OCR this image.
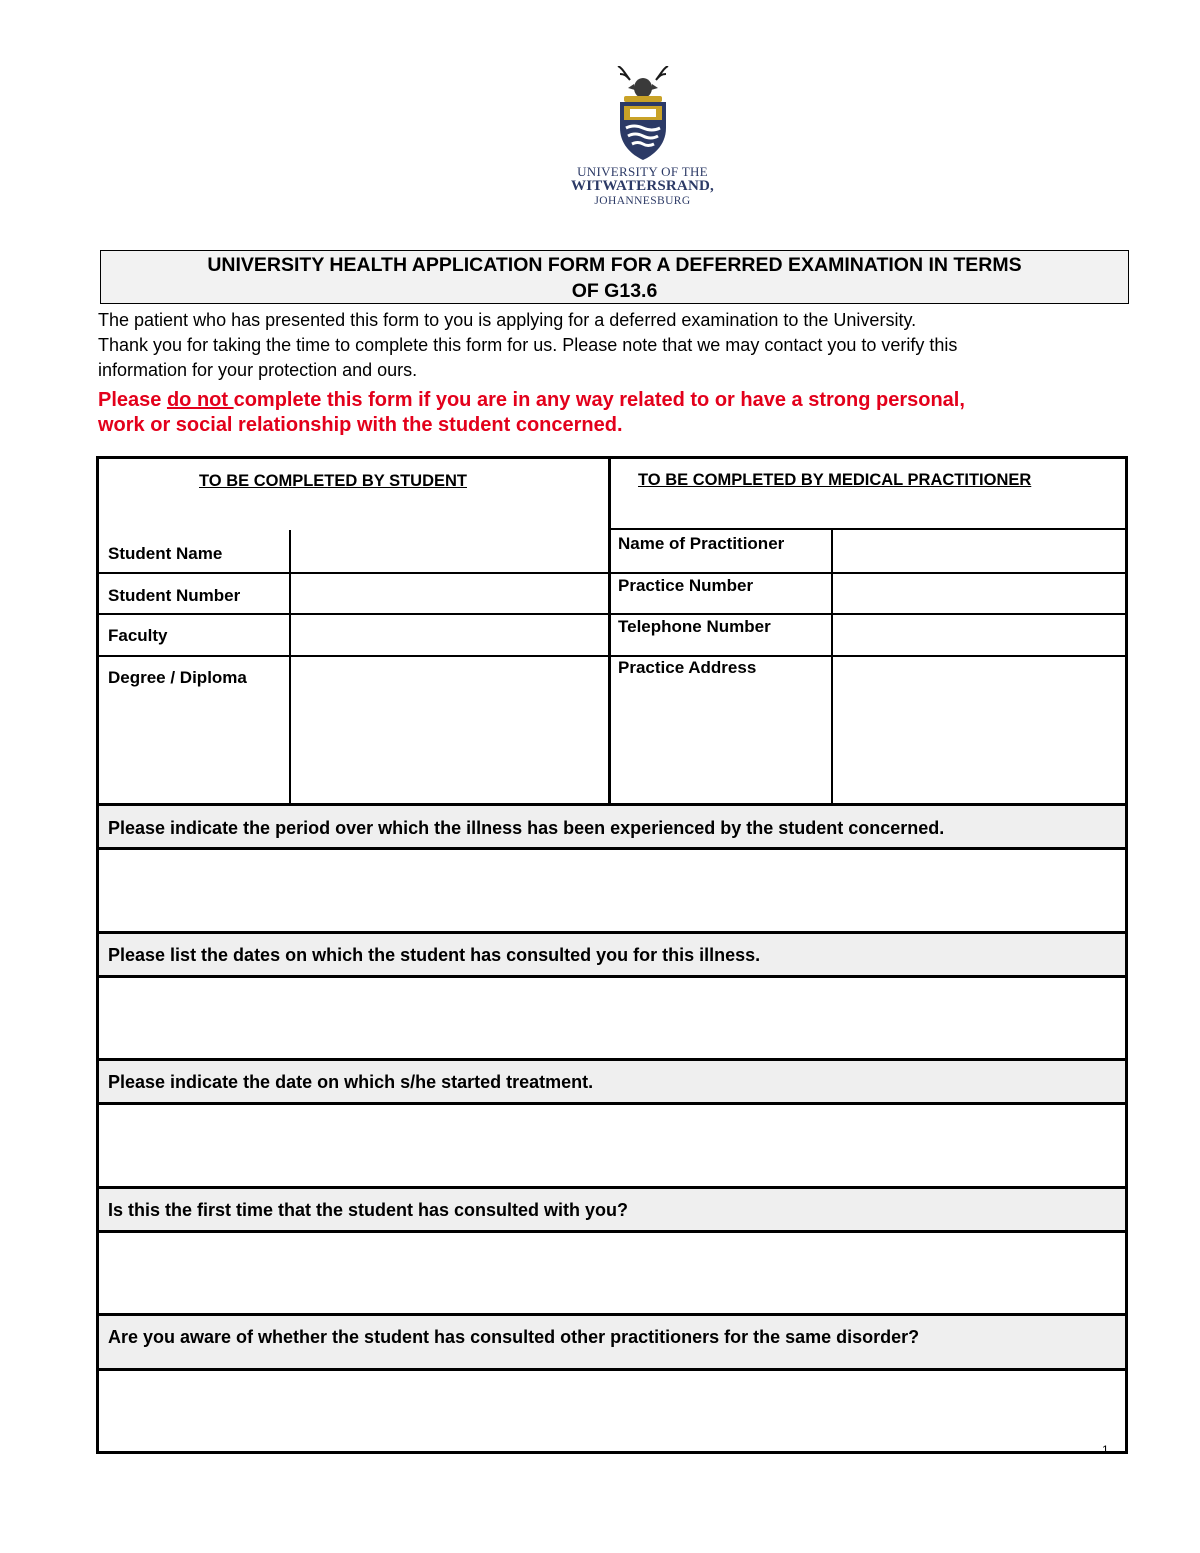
UNIVERSITY OF THE
WITWATERSRAND,
JOHANNESBURG
UNIVERSITY HEALTH APPLICATION FORM FOR A DEFERRED EXAMINATION IN TERMS
OF G13.6
The patient who has presented this form to you is applying for a deferred examination to the University.
Thank you for taking the time to complete this form for us. Please note that we may contact you to verify this
information for your protection and ours.
Please do not complete this form if you are in any way related to or have a strong personal,
work or social relationship with the student concerned.
TO BE COMPLETED BY STUDENT	TO BE COMPLETED BY MEDICAL PRACTITIONER
Student Name
Student Number
Faculty
Degree / Diploma
Name of Practitioner
Practice Number
Telephone Number
Practice Address
Please indicate the period over which the illness has been experienced by the student concerned.
Please list the dates on which the student has consulted you for this illness.
Please indicate the date on which s/he started treatment.
Is this the first time that the student has consulted with you?
Are you aware of whether the student has consulted other practitioners for the same disorder?
1
